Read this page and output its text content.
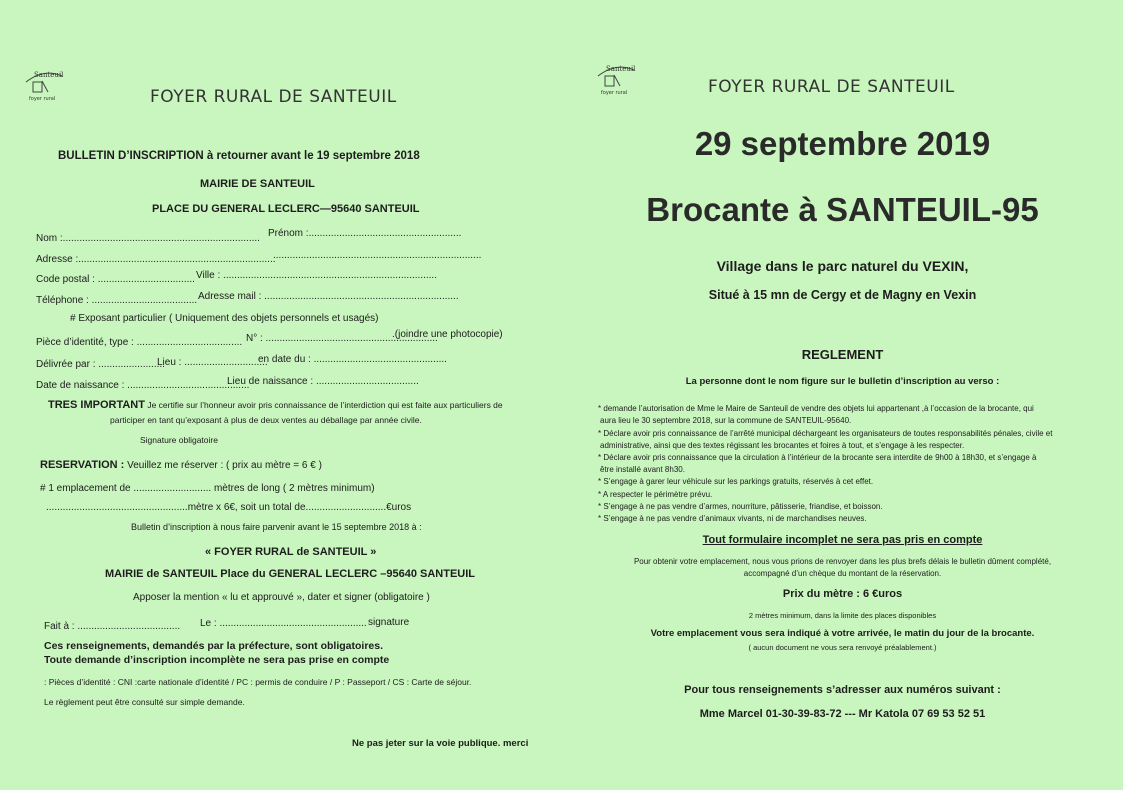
Santeuil
foyer rural	FOYER RURAL DE SANTEUIL
BULLETIN D’INSCRIPTION à retourner avant le 19 septembre 2018
MAIRIE DE SANTEUIL
PLACE DU GENERAL LECLERC—95640 SANTEUIL
Nom :....................................................................... Prénom :.......................................................
Adresse :.......................................................................
...........................................................................
Code postal : ................................... Ville : .............................................................................
Téléphone : ...................................... Adresse mail : ......................................................................
# Exposant particulier ( Uniquement des objets personnels et usagés)
Pièce d’identité, type : ...................................... N° : ..............................................................
.(joindre une photocopie)
Délivrée par : ........................
Lieu : ..............................
en date du : ................................................
Date de naissance : ............................................
Lieu de naissance : .....................................
TRES IMPORTANT Je certifie sur l’honneur avoir pris connaissance de l’interdiction qui est faite aux particuliers de
participer en tant qu’exposant à plus de deux ventes au déballage par année civile.
Signature obligatoire
RESERVATION : Veuillez me réserver : ( prix au mètre = 6 € )
# 1 emplacement de ............................ mètres de long ( 2 mètres minimum)
...................................................mètre x 6€, soit un total de.............................€uros
Bulletin d’inscription à nous faire parvenir avant le 15 septembre 2018 à :
« FOYER RURAL de SANTEUIL »
MAIRIE de SANTEUIL Place du GENERAL LECLERC –95640 SANTEUIL
Apposer la mention « lu et approuvé », dater et signer (obligatoire )
Fait à : ..................................... Le : ..................................................... signature
Ces renseignements, demandés par la préfecture, sont obligatoires.
Toute demande d’inscription incomplète ne sera pas prise en compte
: Pièces d’identité : CNI :carte nationale d’identité / PC : permis de conduire / P : Passeport / CS : Carte de séjour.
Le règlement peut être consulté sur simple demande.
Ne pas jeter sur la voie publique. merci
Santeuil
foyer rural	FOYER RURAL DE SANTEUIL
29 septembre 2019
Brocante à SANTEUIL-95
Village dans le parc naturel du VEXIN,
Situé à 15 mn de Cergy et de Magny en Vexin
REGLEMENT
La personne dont le nom figure sur le bulletin d’inscription au verso :
* demande l’autorisation de Mme le Maire de Santeuil de vendre des objets lui appartenant ,à l’occasion de la brocante, qui
aura lieu le 30 septembre 2018, sur la commune de SANTEUIL-95640.
* Déclare avoir pris connaissance de l’arrêté municipal déchargeant les organisateurs de toutes responsabilités pénales, civile et
administrative, ainsi que des textes régissant les brocantes et foires à tout, et s’engage à les respecter.
* Déclare avoir pris connaissance que la circulation à l’intérieur de la brocante sera interdite de 9h00 à 18h30, et s’engage à
être installé avant 8h30.
* S’engage à garer leur véhicule sur les parkings gratuits, réservés à cet effet.
* A respecter le périmètre prévu.
* S’engage à ne pas vendre d’armes, nourriture, pâtisserie, friandise, et boisson.
* S’engage à ne pas vendre d’animaux vivants, ni de marchandises neuves.
Tout formulaire incomplet ne sera pas pris en compte
Pour obtenir votre emplacement, nous vous prions de renvoyer dans les plus brefs délais le bulletin dûment complété,
accompagné d’un chèque du montant de la réservation.
Prix du mètre : 6 €uros
2 mètres minimum, dans la limite des places disponibles
Votre emplacement vous sera indiqué à votre arrivée, le matin du jour de la brocante.
( aucun document ne vous sera renvoyé préalablement.)
Pour tous renseignements s’adresser aux numéros suivant :
Mme Marcel 01-30-39-83-72 --- Mr Katola 07 69 53 52 51
